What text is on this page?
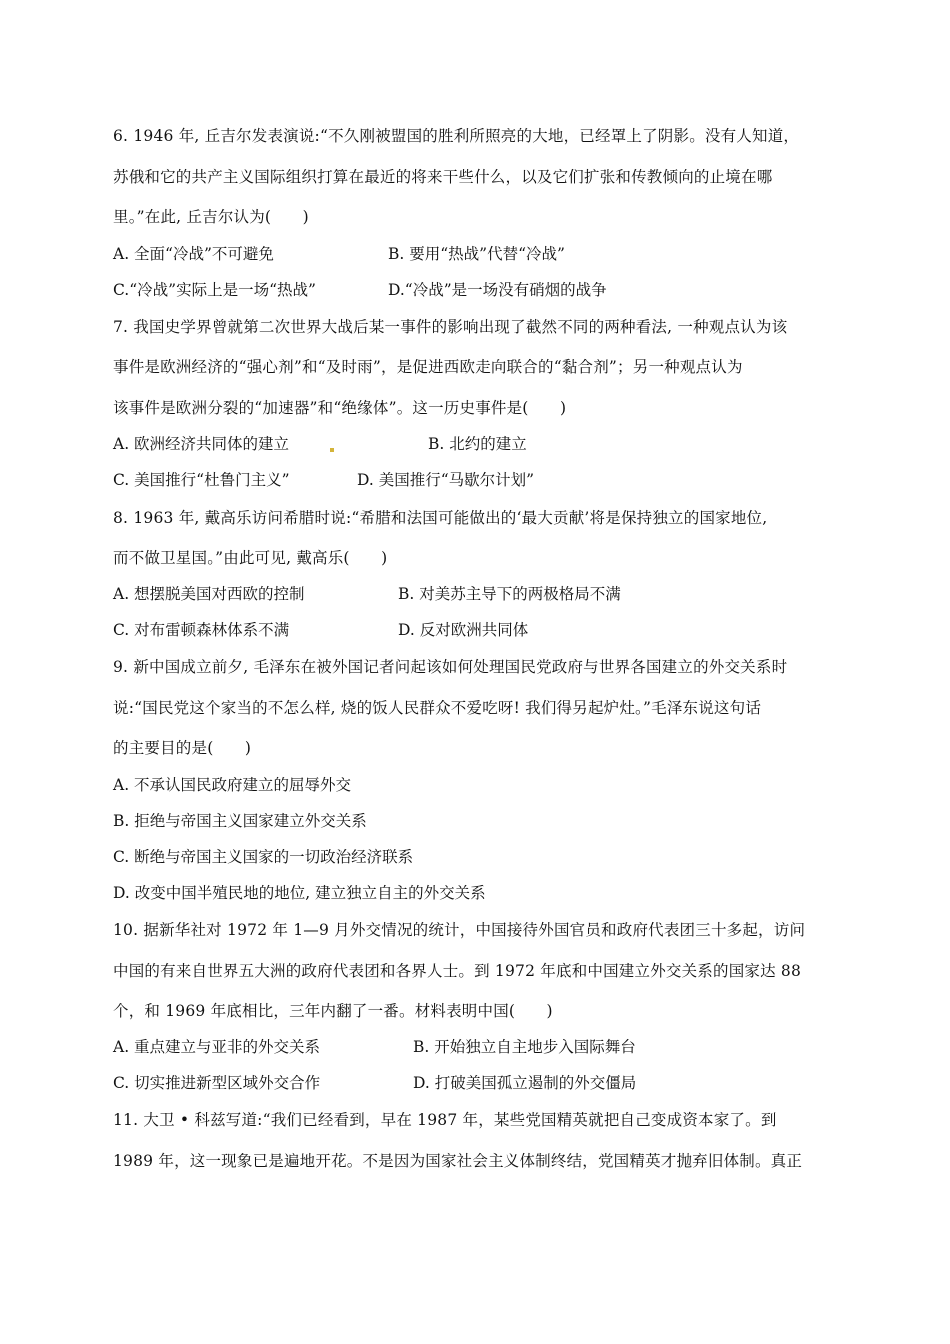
6. 1946 年, 丘吉尔发表演说:“不久刚被盟国的胜利所照亮的大地，已经罩上了阴影。没有人知道，
苏俄和它的共产主义国际组织打算在最近的将来干些什么，以及它们扩张和传教倾向的止境在哪
里。”在此, 丘吉尔认为(　　)
A. 全面“冷战”不可避免	B. 要用“热战”代替“冷战”
C.“冷战”实际上是一场“热战”	D.“冷战”是一场没有硝烟的战争
7. 我国史学界曾就第二次世界大战后某一事件的影响出现了截然不同的两种看法, 一种观点认为该
事件是欧洲经济的“强心剂”和“及时雨”，是促进西欧走向联合的“黏合剂”；另一种观点认为
该事件是欧洲分裂的“加速器”和“绝缘体”。这一历史事件是(　　)
A. 欧洲经济共同体的建立	B. 北约的建立
C. 美国推行“杜鲁门主义”	D. 美国推行“马歇尔计划”
8. 1963 年, 戴高乐访问希腊时说:“希腊和法国可能做出的‘最大贡献’将是保持独立的国家地位,
而不做卫星国。”由此可见, 戴高乐(　　)
A. 想摆脱美国对西欧的控制	B. 对美苏主导下的两极格局不满
C. 对布雷顿森林体系不满	D. 反对欧洲共同体
9. 新中国成立前夕, 毛泽东在被外国记者问起该如何处理国民党政府与世界各国建立的外交关系时
说:“国民党这个家当的不怎么样, 烧的饭人民群众不爱吃呀! 我们得另起炉灶。”毛泽东说这句话
的主要目的是(　　)
A. 不承认国民政府建立的屈辱外交
B. 拒绝与帝国主义国家建立外交关系
C. 断绝与帝国主义国家的一切政治经济联系
D. 改变中国半殖民地的地位, 建立独立自主的外交关系
10. 据新华社对 1972 年 1—9 月外交情况的统计，中国接待外国官员和政府代表团三十多起，访问
中国的有来自世界五大洲的政府代表团和各界人士。到 1972 年底和中国建立外交关系的国家达 88
个，和 1969 年底相比，三年内翻了一番。材料表明中国(　　)
A. 重点建立与亚非的外交关系	B. 开始独立自主地步入国际舞台
C. 切实推进新型区域外交合作	D. 打破美国孤立遏制的外交僵局
11. 大卫 • 科兹写道:“我们已经看到，早在 1987 年，某些党国精英就把自己变成资本家了。到
1989 年，这一现象已是遍地开花。不是因为国家社会主义体制终结，党国精英才抛弃旧体制。真正
